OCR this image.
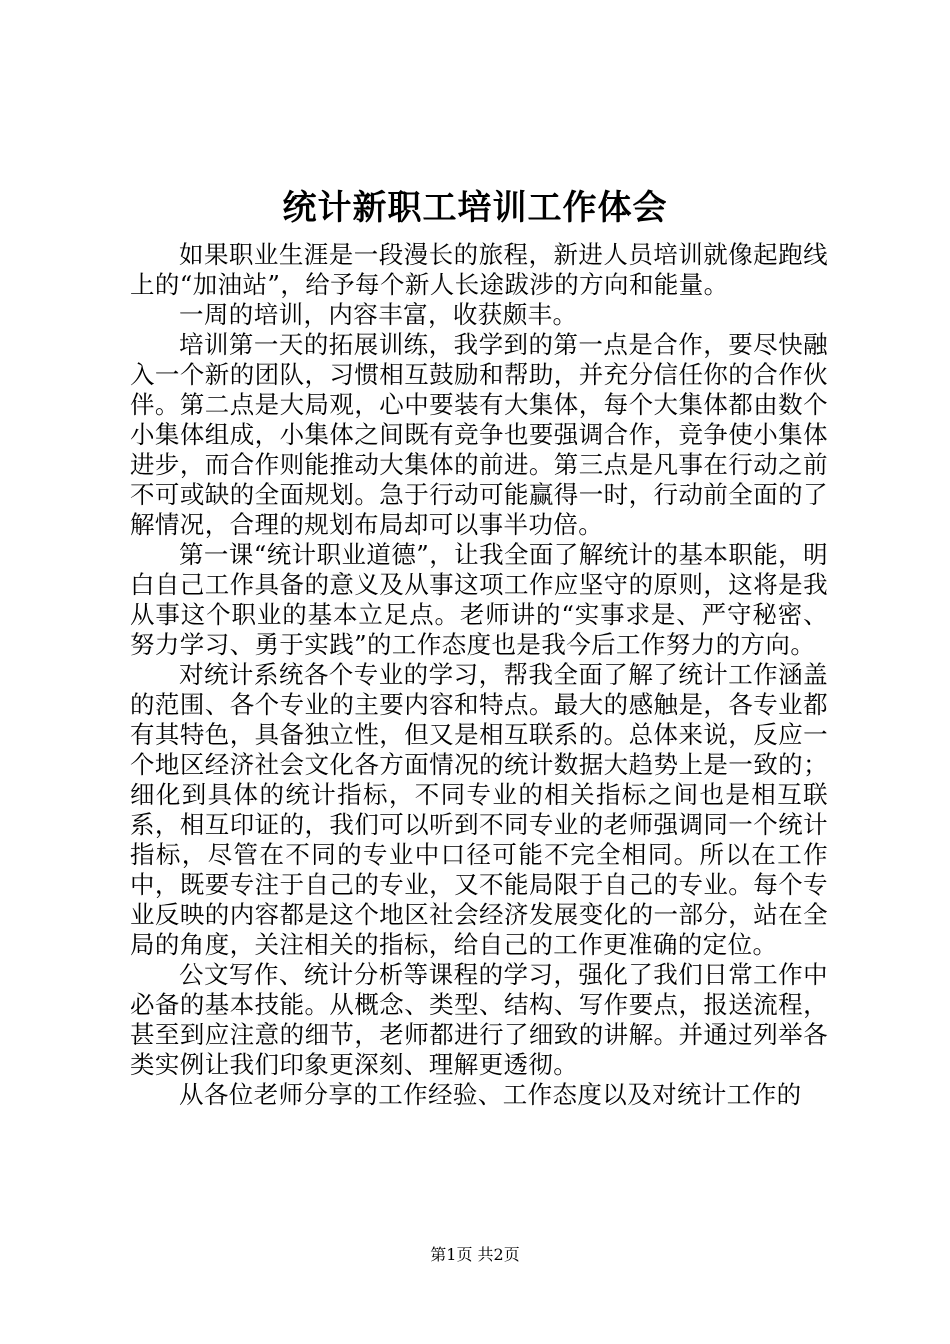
统计新职工培训工作体会

如果职业生涯是一段漫长的旅程，新进人员培训就像起跑线上的“加油站”，给予每个新人长途跋涉的方向和能量。

一周的培训，内容丰富，收获颇丰。

培训第一天的拓展训练，我学到的第一点是合作，要尽快融入一个新的团队，习惯相互鼓励和帮助，并充分信任你的合作伙伴。第二点是大局观，心中要装有大集体，每个大集体都由数个小集体组成，小集体之间既有竞争也要强调合作，竞争使小集体进步，而合作则能推动大集体的前进。第三点是凡事在行动之前不可或缺的全面规划。急于行动可能赢得一时，行动前全面的了解情况，合理的规划布局却可以事半功倍。

第一课“统计职业道德”，让我全面了解统计的基本职能，明白自己工作具备的意义及从事这项工作应坚守的原则，这将是我从事这个职业的基本立足点。老师讲的“实事求是、严守秘密、努力学习、勇于实践”的工作态度也是我今后工作努力的方向。

对统计系统各个专业的学习，帮我全面了解了统计工作涵盖的范围、各个专业的主要内容和特点。最大的感触是，各专业都有其特色，具备独立性，但又是相互联系的。总体来说，反应一个地区经济社会文化各方面情况的统计数据大趋势上是一致的；细化到具体的统计指标，不同专业的相关指标之间也是相互联系，相互印证的，我们可以听到不同专业的老师强调同一个统计指标，尽管在不同的专业中口径可能不完全相同。所以在工作中，既要专注于自己的专业，又不能局限于自己的专业。每个专业反映的内容都是这个地区社会经济发展变化的一部分，站在全局的角度，关注相关的指标，给自己的工作更准确的定位。

公文写作、统计分析等课程的学习，强化了我们日常工作中必备的基本技能。从概念、类型、结构、写作要点，报送流程，甚至到应注意的细节，老师都进行了细致的讲解。并通过列举各类实例让我们印象更深刻、理解更透彻。

从各位老师分享的工作经验、工作态度以及对统计工作的

第1页 共2页
